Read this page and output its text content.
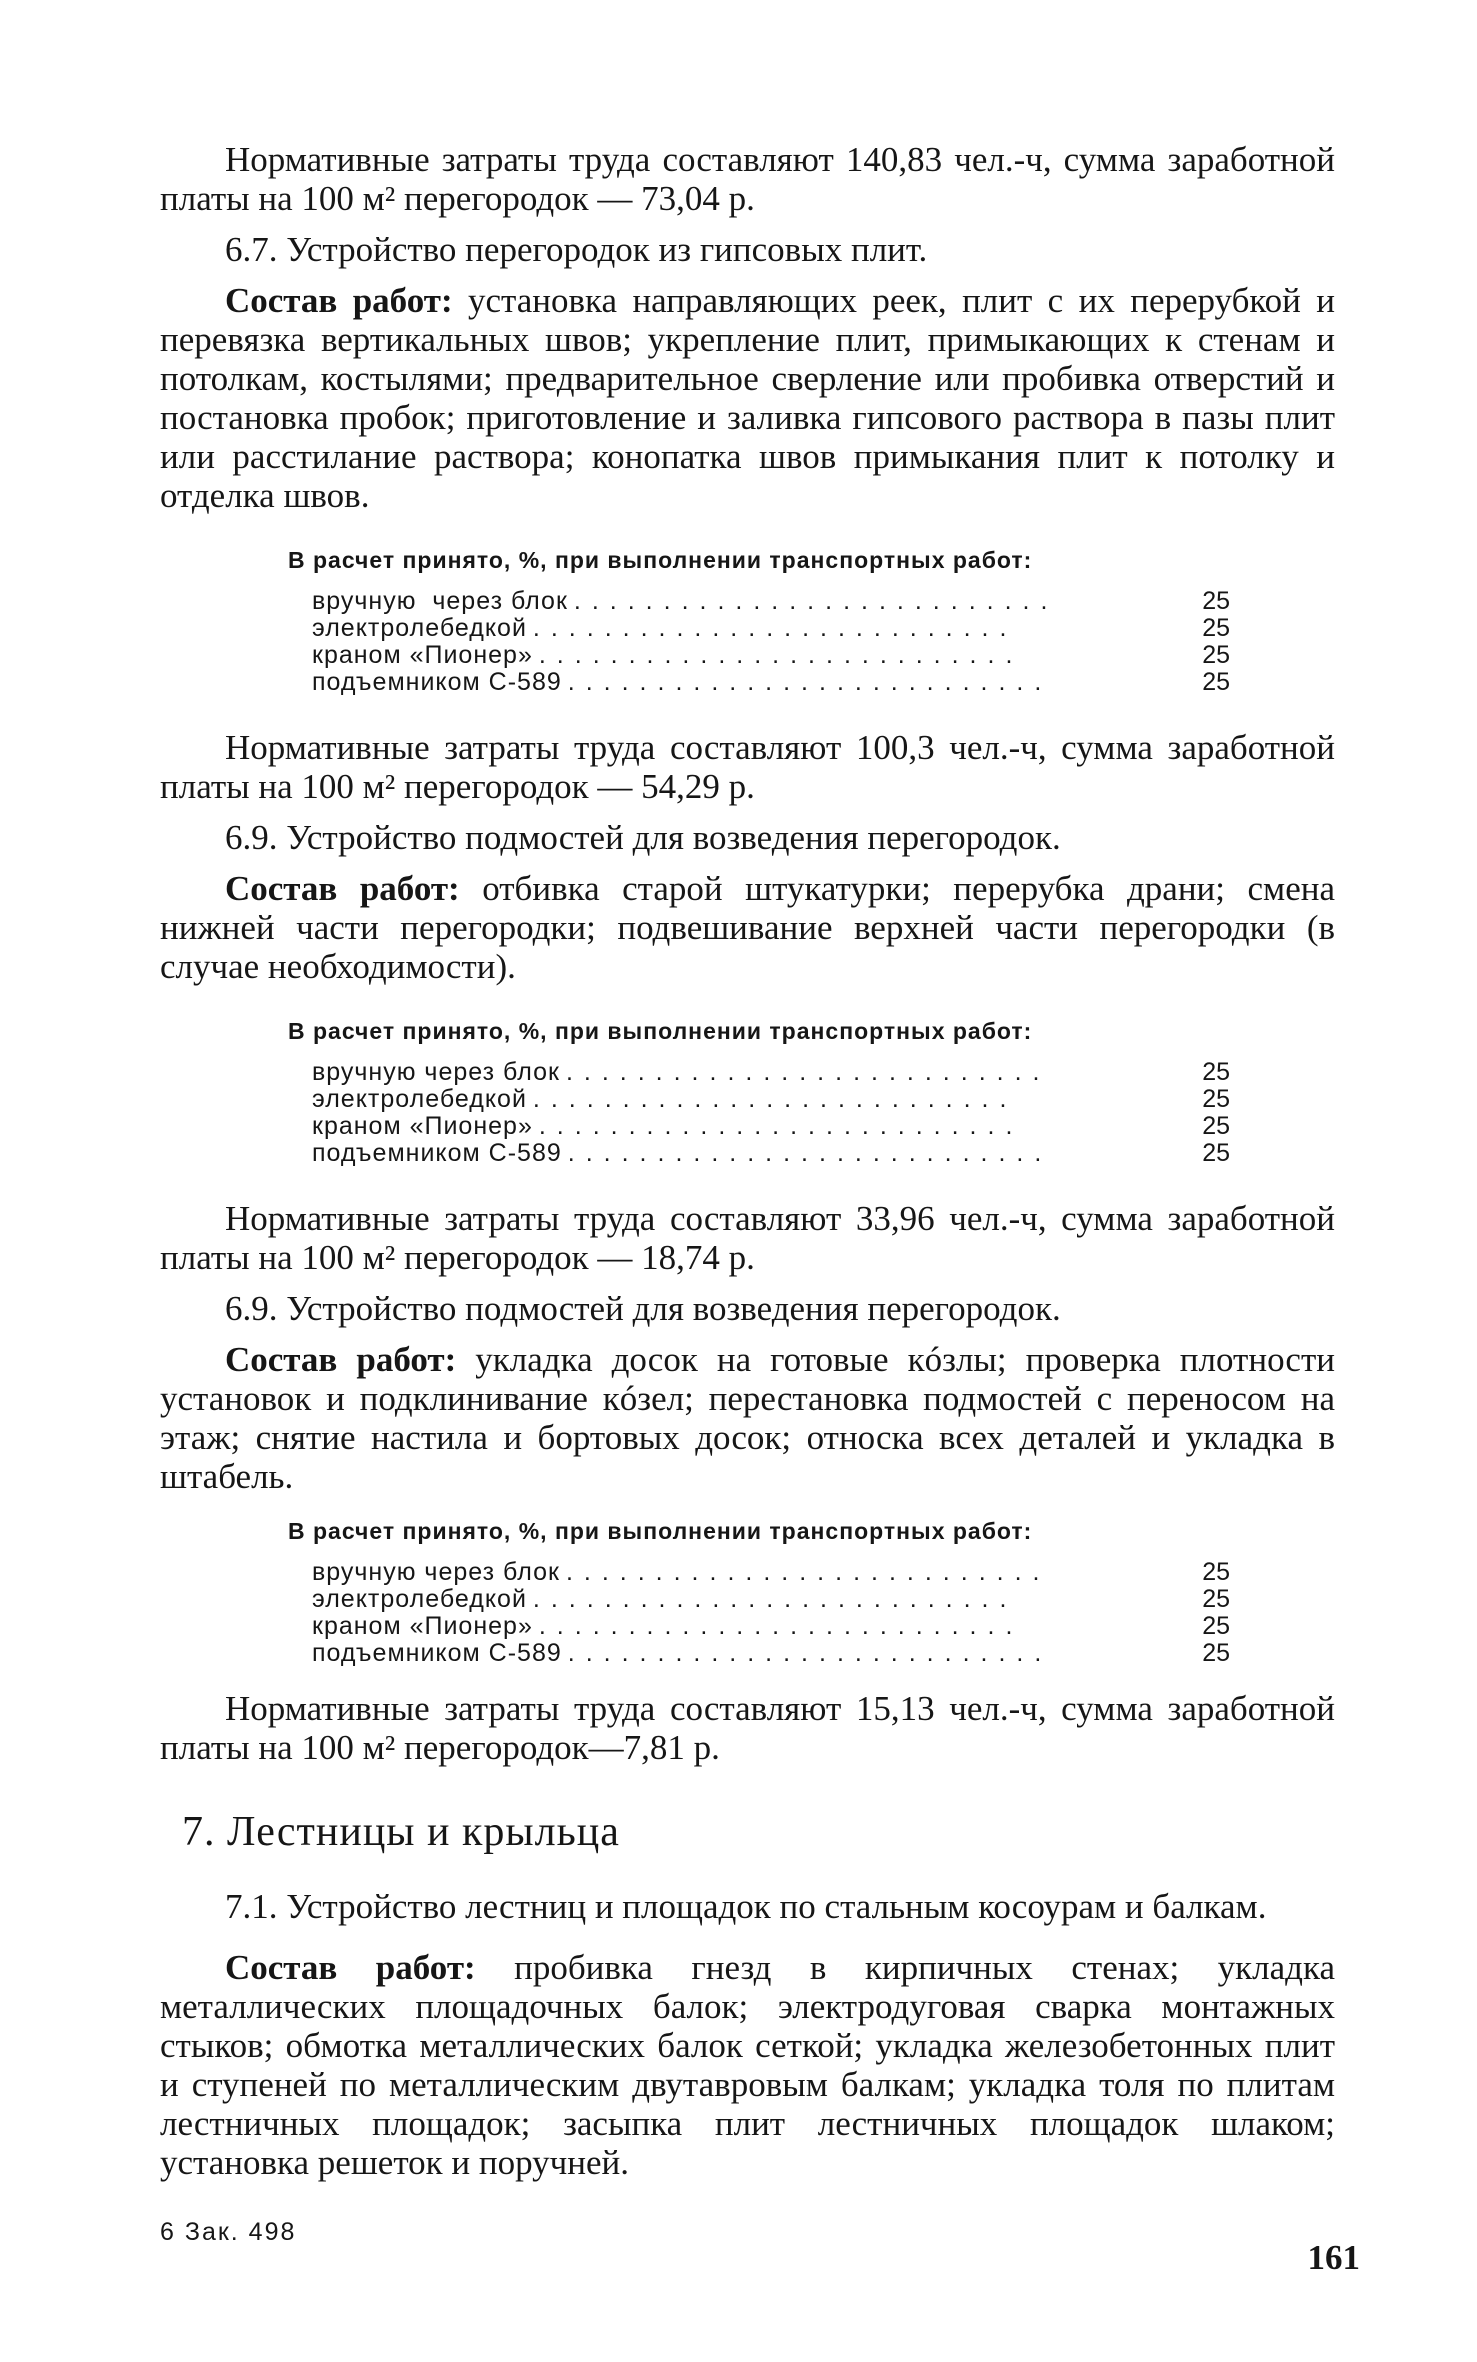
Нормативные затраты труда составляют 140,83 чел.-ч, сумма заработной платы на 100 м² перегородок — 73,04 р.

6.7. Устройство перегородок из гипсовых плит.

Состав работ: установка направляющих реек, плит с их перерубкой и перевязка вертикальных швов; укрепление плит, примыкающих к стенам и потолкам, костылями; предварительное сверление или пробивка отверстий и постановка пробок; приготовление и заливка гипсового раствора в пазы плит или расстилание раствора; конопатка швов примыкания плит к потолку и отделка швов.

В расчет принято, %, при выполнении транспортных работ:
вручную  через блок ...........................	25
электролебедкой ...........................	25
краном «Пионер» ...........................	25
подъемником С-589 ...........................	25

Нормативные затраты труда составляют 100,3 чел.-ч, сумма заработной платы на 100 м² перегородок — 54,29 р.

6.9. Устройство подмостей для возведения перегородок.

Состав работ: отбивка старой штукатурки; перерубка драни; смена нижней части перегородки; подвешивание верхней части перегородки (в случае необходимости).

В расчет принято, %, при выполнении транспортных работ:
вручную через блок ...........................	25
электролебедкой ...........................	25
краном «Пионер» ...........................	25
подъемником С-589 ...........................	25

Нормативные затраты труда составляют 33,96 чел.-ч, сумма заработной платы на 100 м² перегородок — 18,74 р.

6.9. Устройство подмостей для возведения перегородок.

Состав работ: укладка досок на готовые кóзлы; проверка плотности установок и подклинивание кóзел; перестановка подмостей с переносом на этаж; снятие настила и бортовых досок; относка всех деталей и укладка в штабель.

В расчет принято, %, при выполнении транспортных работ:
вручную через блок ...........................	25
электролебедкой ...........................	25
краном «Пионер» ...........................	25
подъемником С-589 ...........................	25

Нормативные затраты труда составляют 15,13 чел.-ч, сумма заработной платы на 100 м² перегородок—7,81 р.

7. Лестницы и крыльца

7.1. Устройство лестниц и площадок по стальным косоурам и балкам.

Состав работ: пробивка гнезд в кирпичных стенах; укладка металлических площадочных балок; электродуговая сварка монтажных стыков; обмотка металлических балок сеткой; укладка железобетонных плит и ступеней по металлическим двутавровым балкам; укладка толя по плитам лестничных площадок; засыпка плит лестничных площадок шлаком; установка решеток и поручней.

6 Зак. 498
161
